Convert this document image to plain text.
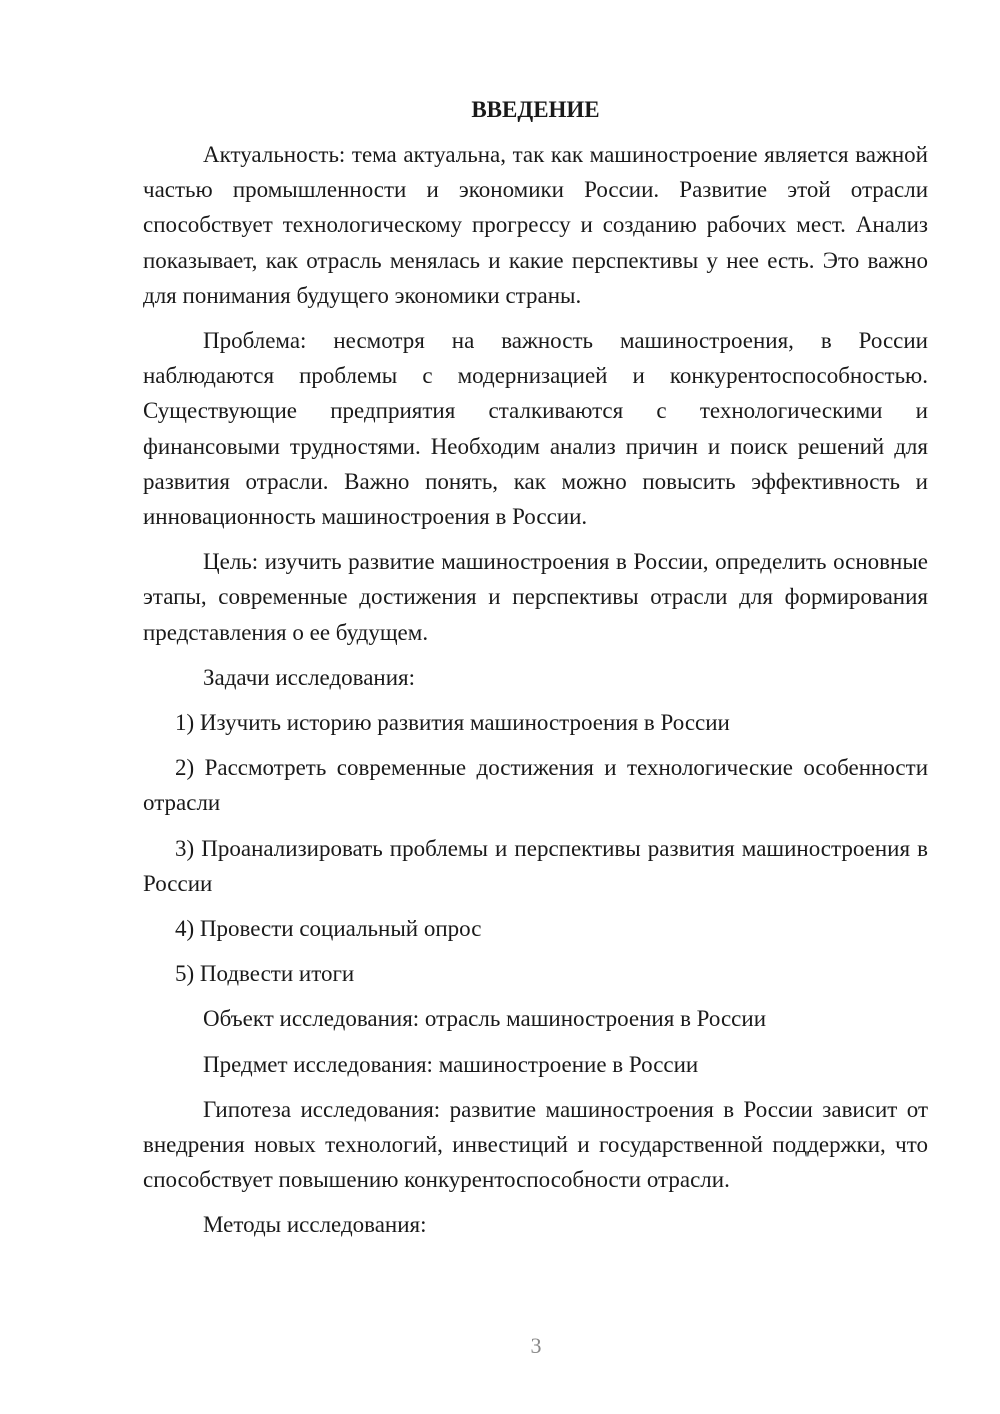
ВВЕДЕНИЕ

Актуальность: тема актуальна, так как машиностроение является важной частью промышленности и экономики России. Развитие этой отрасли способствует технологическому прогрессу и созданию рабочих мест. Анализ показывает, как отрасль менялась и какие перспективы у нее есть. Это важно для понимания будущего экономики страны.

Проблема: несмотря на важность машиностроения, в России наблюдаются проблемы с модернизацией и конкурентоспособностью. Существующие предприятия сталкиваются с технологическими и финансовыми трудностями. Необходим анализ причин и поиск решений для развития отрасли. Важно понять, как можно повысить эффективность и инновационность машиностроения в России.

Цель: изучить развитие машиностроения в России, определить основные этапы, современные достижения и перспективы отрасли для формирования представления о ее будущем.

Задачи исследования:

1) Изучить историю развития машиностроения в России

2) Рассмотреть современные достижения и технологические особенности отрасли

3) Проанализировать проблемы и перспективы развития машиностроения в России

4) Провести социальный опрос

5) Подвести итоги

Объект исследования: отрасль машиностроения в России

Предмет исследования: машиностроение в России

Гипотеза исследования: развитие машиностроения в России зависит от внедрения новых технологий, инвестиций и государственной поддержки, что способствует повышению конкурентоспособности отрасли.

Методы исследования:

3
